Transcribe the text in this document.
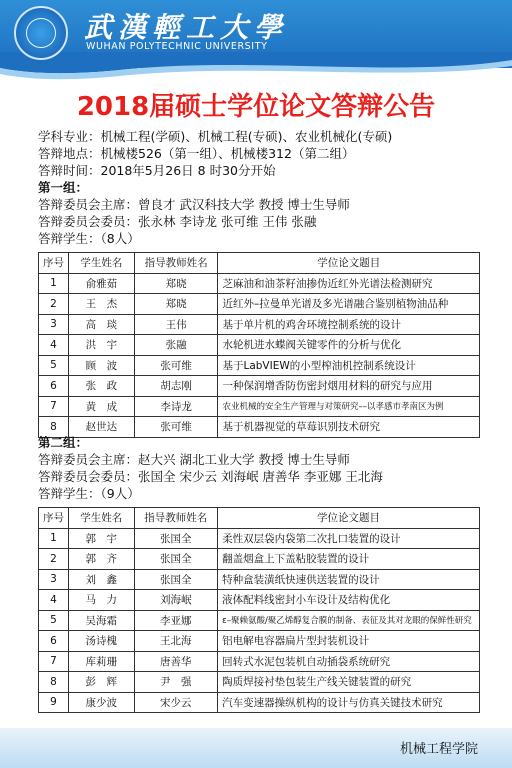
武漢輕工大學
WUHAN POLYTECHNIC UNIVERSITY
2018届硕士学位论文答辩公告
学科专业：机械工程(学硕)、机械工程(专硕)、农业机械化(专硕)
答辩地点：机械楼526（第一组）、机械楼312（第二组）
答辩时间：2018年5月26日 8 时30分开始
第一组：
答辩委员会主席：曾良才 武汉科技大学 教授 博士生导师
答辩委员会委员：张永林 李诗龙 张可维 王伟 张融
答辩学生：（8人）
序号	学生姓名	指导教师姓名	学位论文题目
1	俞雅茹	郑晓	芝麻油和油茶籽油掺伪近红外光谱法检测研究
2	王　杰	郑晓	近红外–拉曼单光谱及多光谱融合鉴别植物油品种
3	高　琰	王伟	基于单片机的鸡舍环境控制系统的设计
4	洪　宇	张融	水轮机进水蝶阀关键零件的分析与优化
5	顾　波	张可维	基于LabVIEW的小型榨油机控制系统设计
6	张　政	胡志刚	一种保润增香防伤密封烟用材料的研究与应用
7	黄　成	李诗龙	农业机械的安全生产管理与对策研究––以孝感市孝南区为例
8	赵世达	张可维	基于机器视觉的草莓识别技术研究
第二组：
答辩委员会主席：赵大兴 湖北工业大学 教授 博士生导师
答辩委员会委员：张国全 宋少云 刘海岷 唐善华 李亚娜 王北海
答辩学生：（9人）
序号	学生姓名	指导教师姓名	学位论文题目
1	郭　宇	张国全	柔性双层袋内袋第二次扎口装置的设计
2	郭　齐	张国全	翻盖烟盒上下盖粘胶装置的设计
3	刘　鑫	张国全	特种盒装潢纸快速供送装置的设计
4	马　力	刘海岷	液体配料线密封小车设计及结构优化
5	吴海霜	李亚娜	ε–聚赖氨酸/聚乙烯醇复合膜的制备、表征及其对龙眼的保鲜性研究
6	汤诗槐	王北海	铝电解电容器扁片型封装机设计
7	库莉珊	唐善华	回转式水泥包装机自动插袋系统研究
8	彭　辉	尹　强	陶质焊接衬垫包装生产线关键装置的研究
9	康少波	宋少云	汽车变速器操纵机构的设计与仿真关键技术研究
机械工程学院
